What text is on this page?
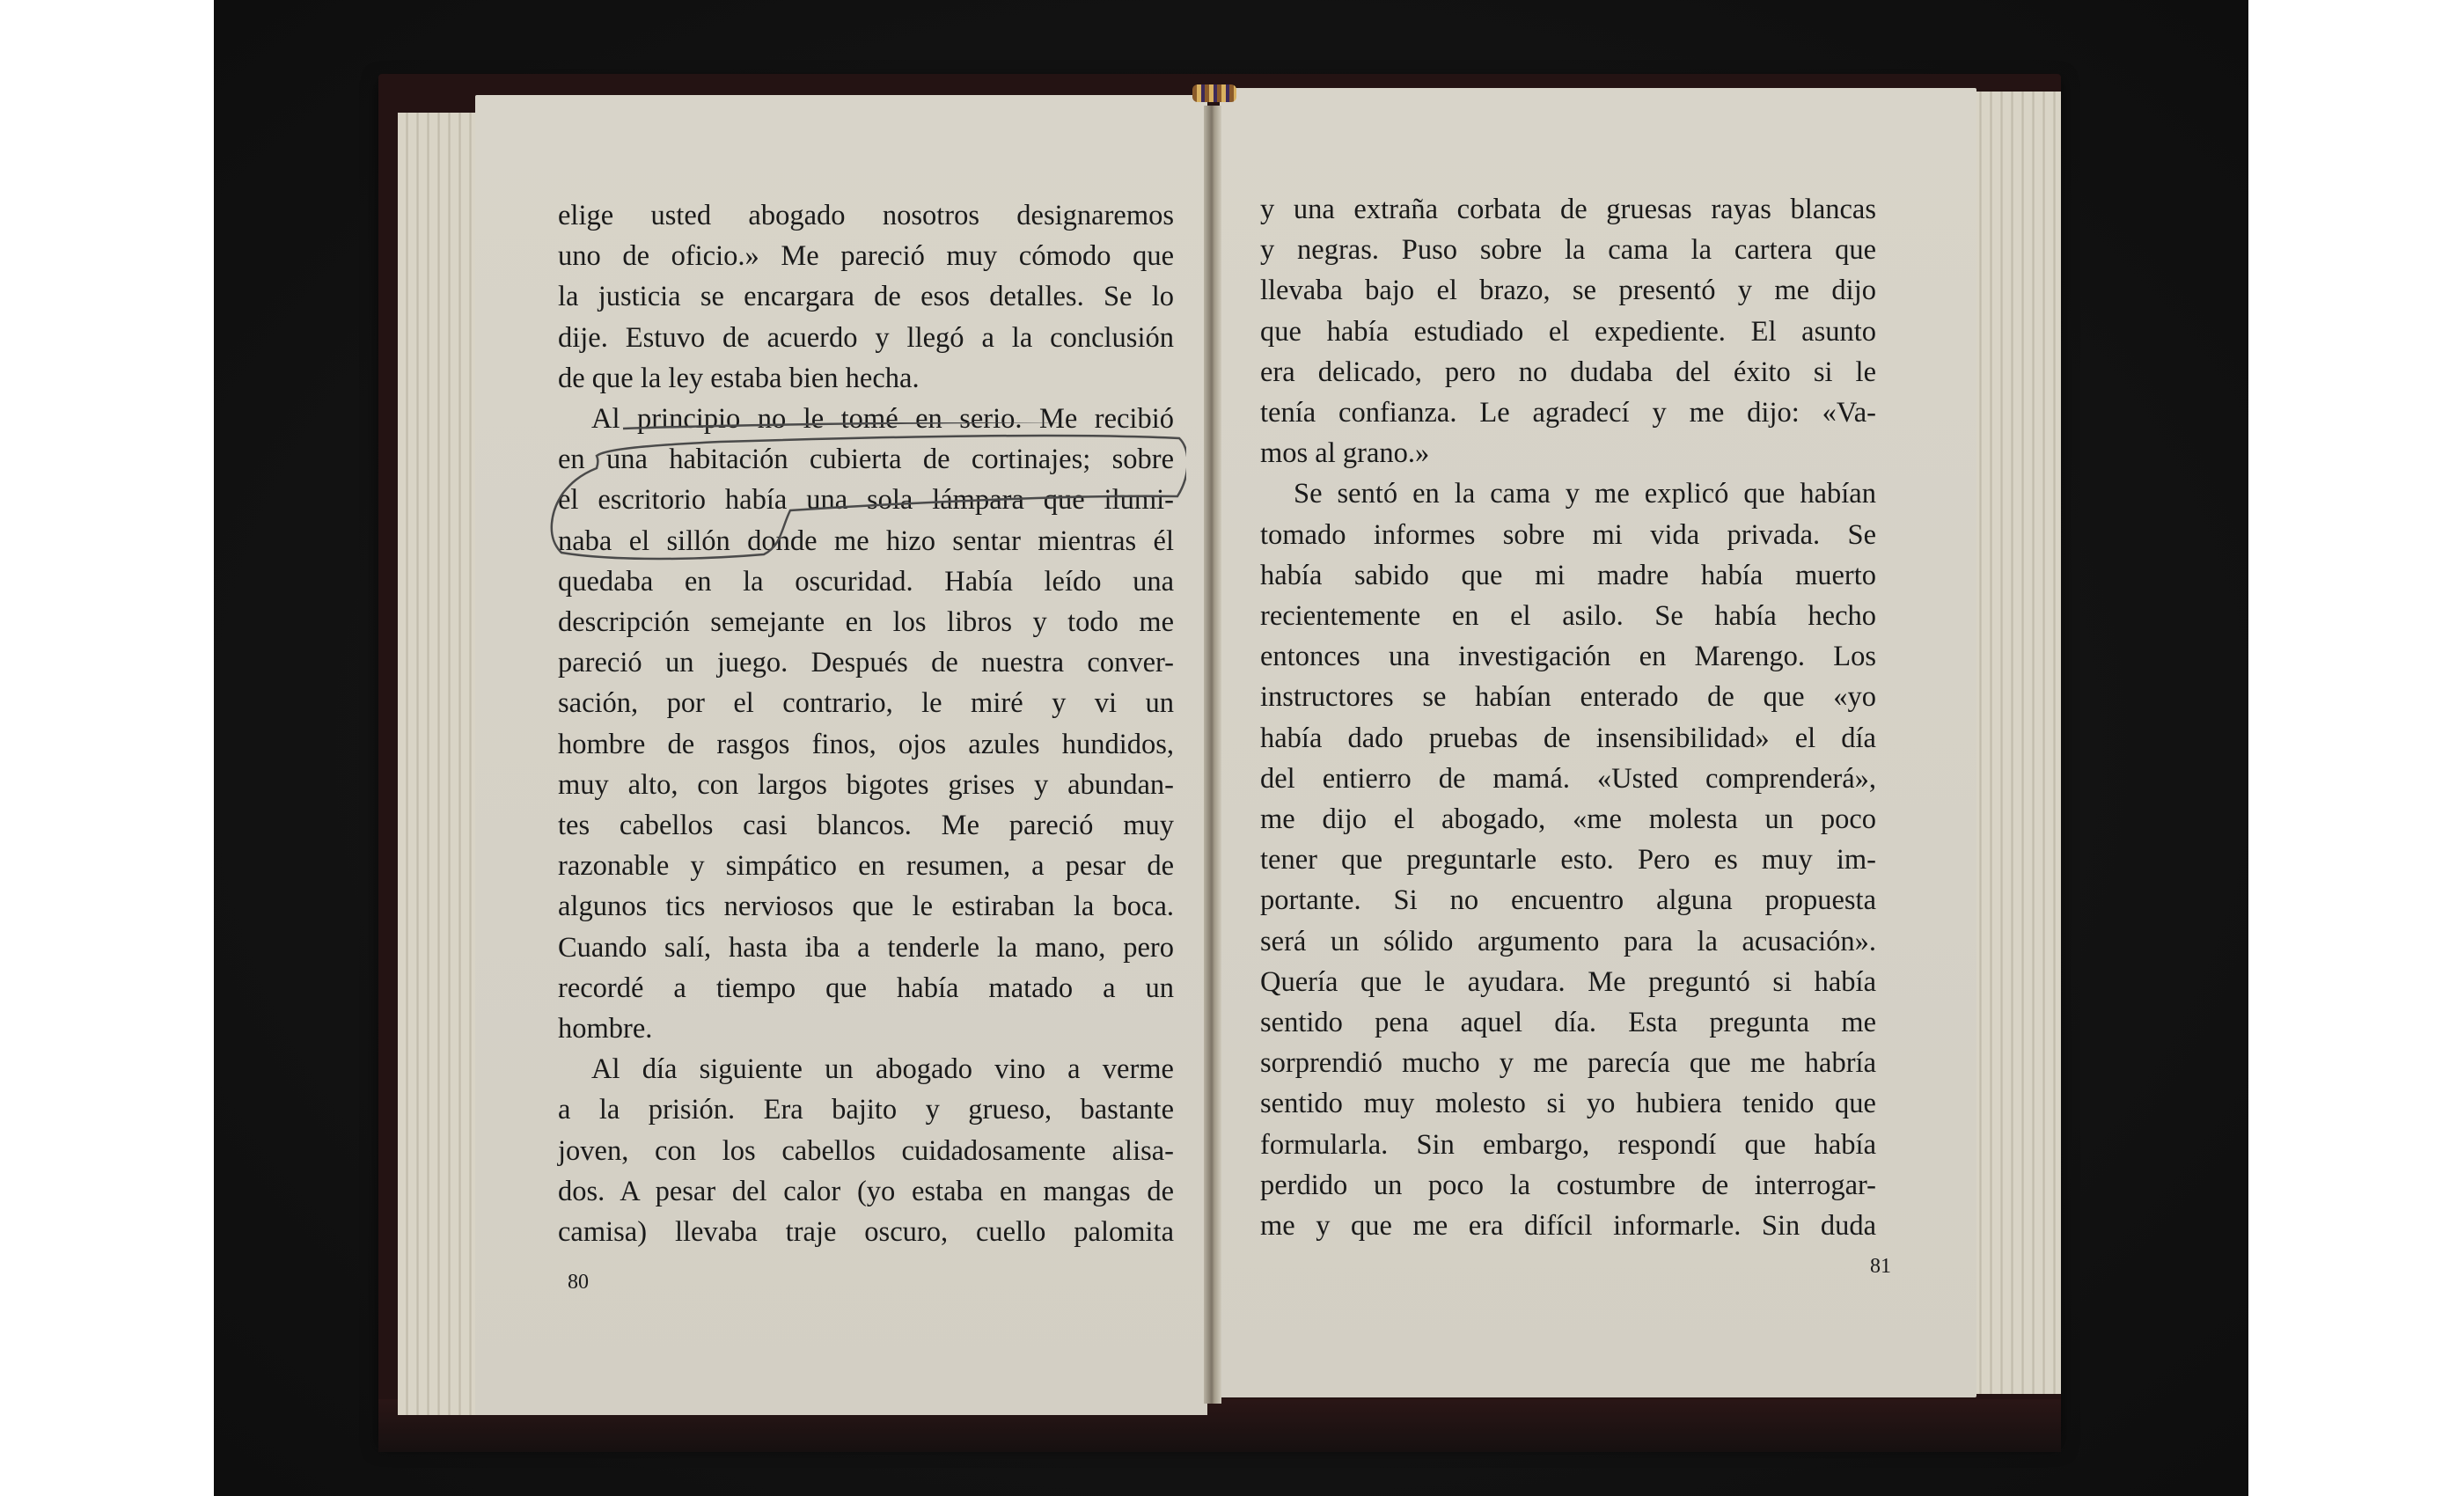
elige usted abogado nosotros designaremos
uno de oficio.» Me pareció muy cómodo que
la justicia se encargara de esos detalles. Se lo
dije. Estuvo de acuerdo y llegó a la conclusión
de que la ley estaba bien hecha.
Al principio no le tomé en serio. Me recibió
en una habitación cubierta de cortinajes; sobre
el escritorio había una sola lámpara que ilumi-
naba el sillón donde me hizo sentar mientras él
quedaba en la oscuridad. Había leído una
descripción semejante en los libros y todo me
pareció un juego. Después de nuestra conver-
sación, por el contrario, le miré y vi un
hombre de rasgos finos, ojos azules hundidos,
muy alto, con largos bigotes grises y abundan-
tes cabellos casi blancos. Me pareció muy
razonable y simpático en resumen, a pesar de
algunos tics nerviosos que le estiraban la boca.
Cuando salí, hasta iba a tenderle la mano, pero
recordé a tiempo que había matado a un
hombre.
Al día siguiente un abogado vino a verme
a la prisión. Era bajito y grueso, bastante
joven, con los cabellos cuidadosamente alisa-
dos. A pesar del calor (yo estaba en mangas de
camisa) llevaba traje oscuro, cuello palomita
y una extraña corbata de gruesas rayas blancas
y negras. Puso sobre la cama la cartera que
llevaba bajo el brazo, se presentó y me dijo
que había estudiado el expediente. El asunto
era delicado, pero no dudaba del éxito si le
tenía confianza. Le agradecí y me dijo: «Va-
mos al grano.»
Se sentó en la cama y me explicó que habían
tomado informes sobre mi vida privada. Se
había sabido que mi madre había muerto
recientemente en el asilo. Se había hecho
entonces una investigación en Marengo. Los
instructores se habían enterado de que «yo
había dado pruebas de insensibilidad» el día
del entierro de mamá. «Usted comprenderá»,
me dijo el abogado, «me molesta un poco
tener que preguntarle esto. Pero es muy im-
portante. Si no encuentro alguna propuesta
será un sólido argumento para la acusación».
Quería que le ayudara. Me preguntó si había
sentido pena aquel día. Esta pregunta me
sorprendió mucho y me parecía que me habría
sentido muy molesto si yo hubiera tenido que
formularla. Sin embargo, respondí que había
perdido un poco la costumbre de interrogar-
me y que me era difícil informarle. Sin duda
80
81
